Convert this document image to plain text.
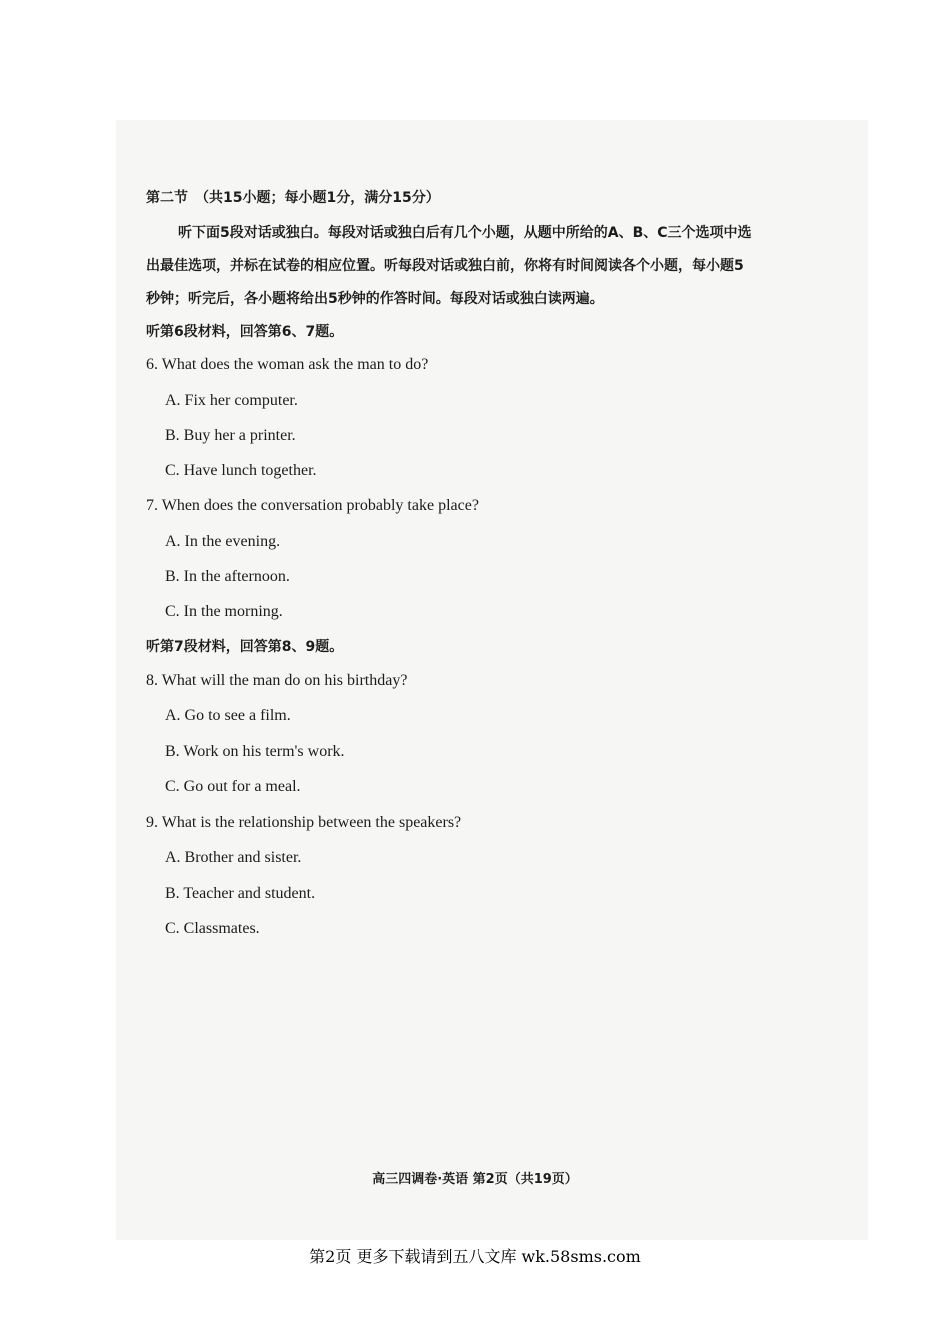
第二节　（共15小题；每小题1分，满分15分）
听下面5段对话或独白。每段对话或独白后有几个小题，从题中所给的A、B、C三个选项中选
出最佳选项，并标在试卷的相应位置。听每段对话或独白前，你将有时间阅读各个小题，每小题5
秒钟；听完后，各小题将给出5秒钟的作答时间。每段对话或独白读两遍。
听第6段材料，回答第6、7题。
6. What does the woman ask the man to do?
A. Fix her computer.
B. Buy her a printer.
C. Have lunch together.
7. When does the conversation probably take place?
A. In the evening.
B. In the afternoon.
C. In the morning.
听第7段材料，回答第8、9题。
8. What will the man do on his birthday?
A. Go to see a film.
B. Work on his term's work.
C. Go out for a meal.
9. What is the relationship between the speakers?
A. Brother and sister.
B. Teacher and student.
C. Classmates.
高三四调卷·英语 第2页（共19页）
第2页 更多下载请到五八文库 wk.58sms.com
